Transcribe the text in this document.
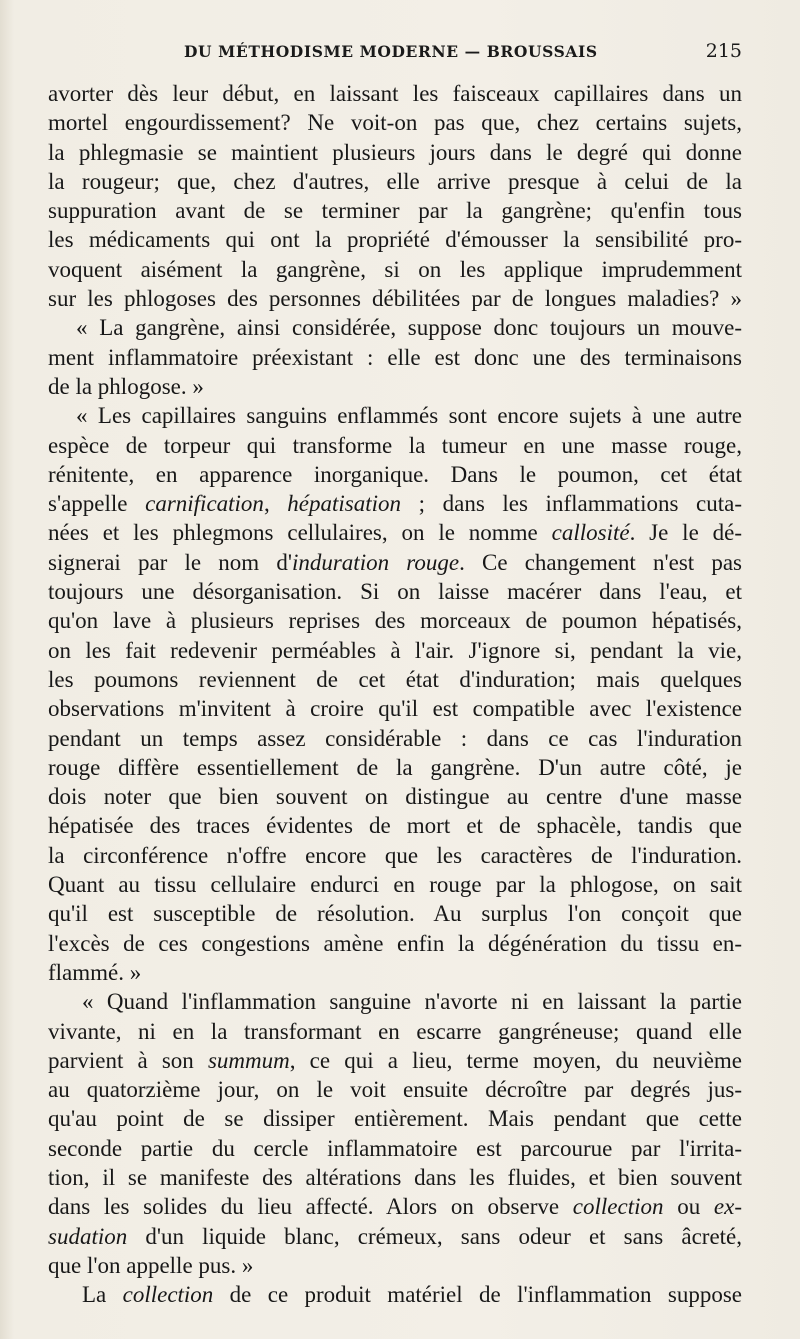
DU MÉTHODISME MODERNE — BROUSSAIS	215
avorter dès leur début, en laissant les faisceaux capillaires dans un
mortel engourdissement? Ne voit-on pas que, chez certains sujets,
la phlegmasie se maintient plusieurs jours dans le degré qui donne
la rougeur; que, chez d'autres, elle arrive presque à celui de la
suppuration avant de se terminer par la gangrène; qu'enfin tous
les médicaments qui ont la propriété d'émousser la sensibilité pro-
voquent aisément la gangrène, si on les applique imprudemment
sur les phlogoses des personnes débilitées par de longues maladies? »
« La gangrène, ainsi considérée, suppose donc toujours un mouve-
ment inflammatoire préexistant : elle est donc une des terminaisons
de la phlogose. »
« Les capillaires sanguins enflammés sont encore sujets à une autre
espèce de torpeur qui transforme la tumeur en une masse rouge,
rénitente, en apparence inorganique. Dans le poumon, cet état
s'appelle carnification, hépatisation ; dans les inflammations cuta-
nées et les phlegmons cellulaires, on le nomme callosité. Je le dé-
signerai par le nom d'induration rouge. Ce changement n'est pas
toujours une désorganisation. Si on laisse macérer dans l'eau, et
qu'on lave à plusieurs reprises des morceaux de poumon hépatisés,
on les fait redevenir perméables à l'air. J'ignore si, pendant la vie,
les poumons reviennent de cet état d'induration; mais quelques
observations m'invitent à croire qu'il est compatible avec l'existence
pendant un temps assez considérable : dans ce cas l'induration
rouge diffère essentiellement de la gangrène. D'un autre côté, je
dois noter que bien souvent on distingue au centre d'une masse
hépatisée des traces évidentes de mort et de sphacèle, tandis que
la circonférence n'offre encore que les caractères de l'induration.
Quant au tissu cellulaire endurci en rouge par la phlogose, on sait
qu'il est susceptible de résolution. Au surplus l'on conçoit que
l'excès de ces congestions amène enfin la dégénération du tissu en-
flammé. »
« Quand l'inflammation sanguine n'avorte ni en laissant la partie
vivante, ni en la transformant en escarre gangréneuse; quand elle
parvient à son summum, ce qui a lieu, terme moyen, du neuvième
au quatorzième jour, on le voit ensuite décroître par degrés jus-
qu'au point de se dissiper entièrement. Mais pendant que cette
seconde partie du cercle inflammatoire est parcourue par l'irrita-
tion, il se manifeste des altérations dans les fluides, et bien souvent
dans les solides du lieu affecté. Alors on observe collection ou ex-
sudation d'un liquide blanc, crémeux, sans odeur et sans âcreté,
que l'on appelle pus. »
La collection de ce produit matériel de l'inflammation suppose
